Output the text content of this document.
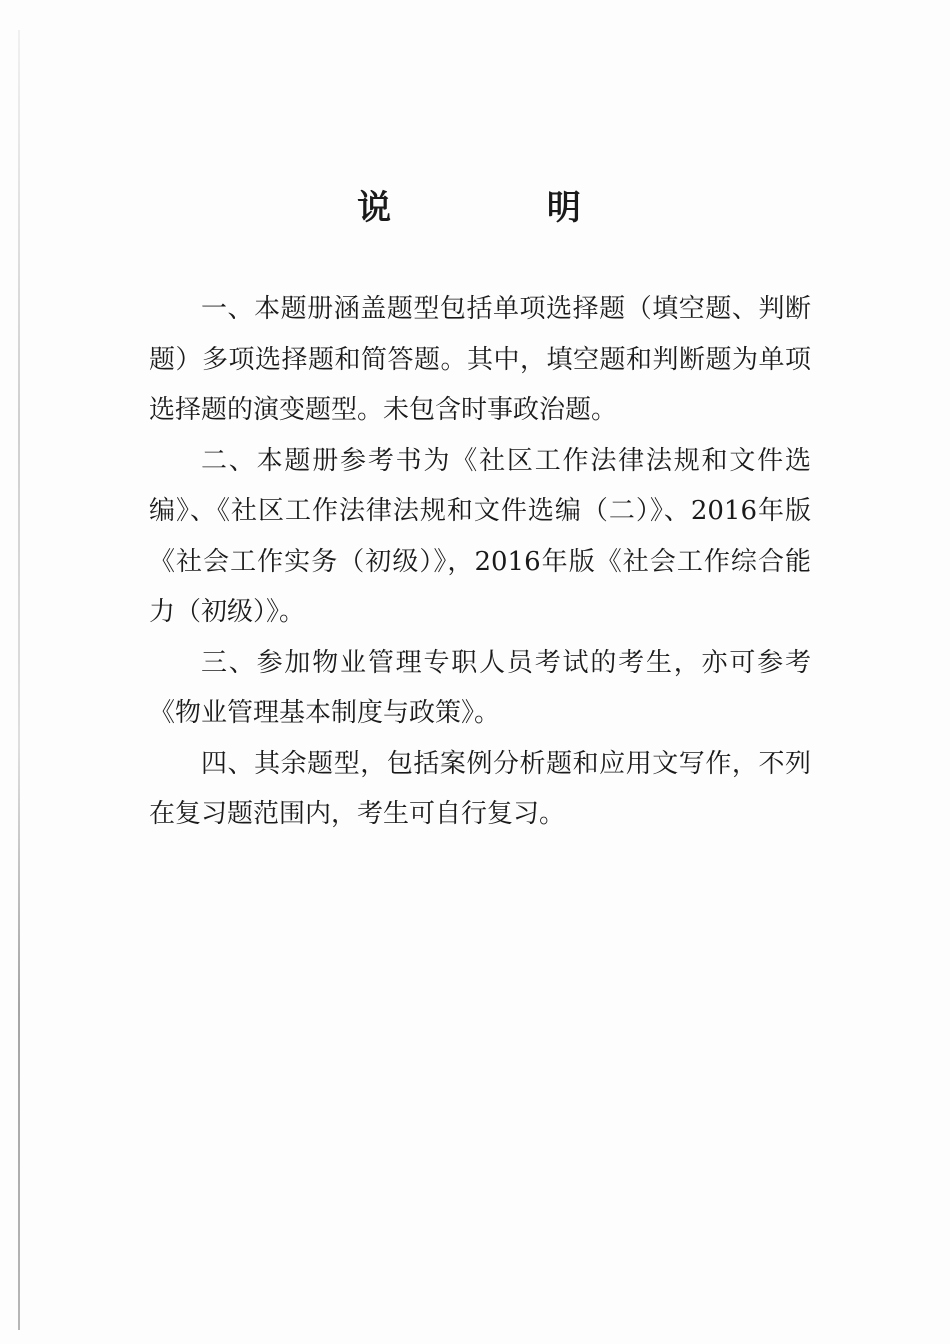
说 明

一、本题册涵盖题型包括单项选择题（填空题、判断题）多项选择题和简答题。其中，填空题和判断题为单项选择题的演变题型。未包含时事政治题。

二、本题册参考书为《社区工作法律法规和文件选编》、《社区工作法律法规和文件选编（二）》、2016年版《社会工作实务（初级）》，2016年版《社会工作综合能力（初级）》。

三、参加物业管理专职人员考试的考生，亦可参考《物业管理基本制度与政策》。

四、其余题型，包括案例分析题和应用文写作，不列在复习题范围内，考生可自行复习。
